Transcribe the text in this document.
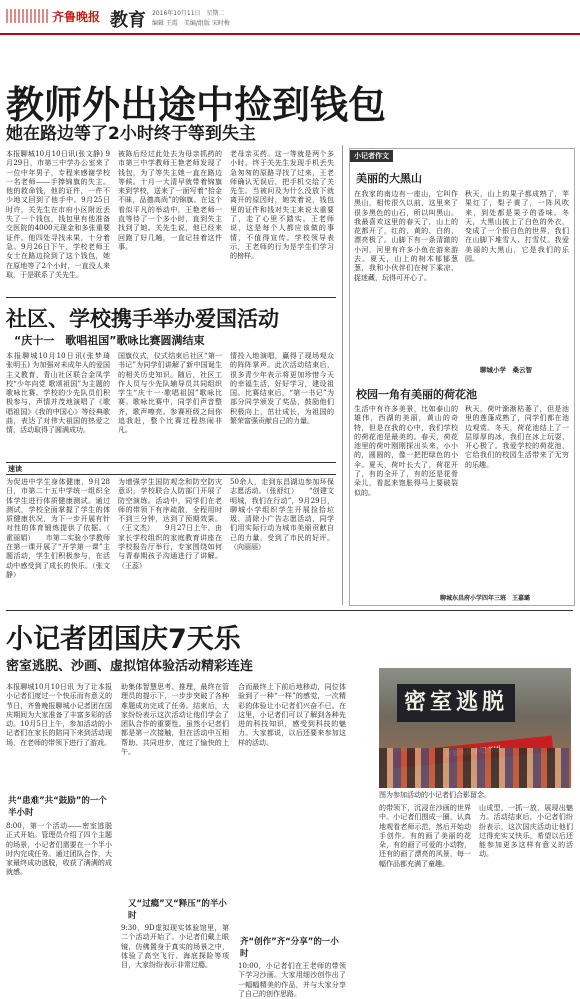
齐鲁晚报 教育 2016年10月11日　星期二
编辑 王霞　美编/组版 宋时梅
教师外出途中捡到钱包
她在路边等了2小时终于等到失主
本报聊城10月10日讯(张文静) 9月29日，市第三中学办公室来了一位中年男子，专程来感谢学校一名老师——手捧锦旗的失主。他的救命钱，他的证件，一件不少地又回到了他手中。9月25日时许，关先生在市府小区附近丢失了一个钱包，钱包里有他准备交医院的4000元现金和多张重要证件。他四处寻找未果，十分着急。9月26日下午，学校老师王女士在路边捡到了这个钱包，她在原地等了2个小时，一直没人来取，于是联系了关先生。
被陈后经过此处去为母亲抓药的市第三中学教师王艳老师发现了钱包，为了等失主她一直在路边等候。十月一大清早就带着锦旗来到学校，送来了一面写着“拾金不昧，品德高尚”的锦旗。在这个看似平凡的举动中，王艳老师一直等待了一个多小时，直到失主找到了她。关先生说，他已经来回跑了好几趟，一直记挂着这件事。
老母亲买药。这一等就是两个多小时。终于关先生发现手机丢失急匆匆的原路寻找了过来，王老师确认无误后，把手机交给了关先生。当被问及为什么没放下就离开的原因时，她笑着说，钱包里的证件和钱对失主来说太重要了，走了心里不踏实。王老师说，这是每个人都应该做的事情，不值得宣传。学校领导表示，王老师的行为是学生们学习的榜样。
社区、学校携手举办爱国活动
“庆十一　歌唱祖国”歌咏比赛圆满结束
本报聊城10月10日讯(张梦琦　张明玉) 为加强对未成年人的爱国主义教育，青山社区联合金凤学校“少年向党 歌颂祖国”为主题的歌咏比赛。学校的少先队员们积极参与，声情并茂地演唱了《歌唱祖国》《我的中国心》等经典歌曲，表达了对伟大祖国的热爱之情，活动取得了圆满成功。
国旗仪式，仪式结束后社区“第一书记”为同学们讲解了新中国诞生的相关历史知识。随后，社区工作人员与少先队辅导员共同组织学生“庆十一·歌唱祖国”歌咏比赛。歌咏比赛中，同学们声音整齐，歌声嘹亮。参赛班级之间你追我赶，整个比赛过程热闹非凡。
情投入地演唱，赢得了现场观众的阵阵掌声。此次活动结束后，很多青少年表示将更加珍惜今天的幸福生活，好好学习，建设祖国。比赛结束后，“第一书记”为部分同学颁发了奖品，鼓励他们积极向上，茁壮成长，为祖国的繁荣富强贡献自己的力量。
速读
为促进中学生身体健康，9月28日，市第二十五中学统一组织全体学生进行体质健康测试。通过测试，学校全面掌握了学生的体质健康状况，为下一步开展有针对性的体育锻炼提供了依据。（　霍丽娟）　　市第二实验小学教师在第一课开展了“开学第一课”主题活动，学生们积极参与，在活动中感受到了成长的快乐。（张文静）
为增强学生国防观念和防空防灾意识，学校联合人防部门开展了防空演练。活动中，同学们在老师的带领下有序疏散，全程用时不到三分钟，达到了预期效果。（王文杰）　　9月27日上午，由家长学校组织的家庭教育讲座在学校报告厅举行，专家围绕如何与青春期孩子沟通进行了讲解。（王蕊）
50余人，走到东昌湖边参加环保志愿活动。（张舒红）　　“创建文明城，我们在行动”，9月29日，聊城小学组织学生开展捡拾垃圾、清除小广告志愿活动，同学们用实际行动为城市美丽贡献自己的力量，受到了市民的好评。（向丽丽）
小记者作文
美丽的大黑山
在我家的南边有一座山，它叫作黑山，相传很久以前，这里来了很多黑色的山石，所以叫黑山。我最喜欢这里的春天了，山上的花都开了，红的、黄的、白的，漂亮极了。山脚下有一条清澈的小河，河里有许多小鱼在游来游去。夏天，山上的树木郁郁葱葱，我和小伙伴们在树下乘凉、捉迷藏，玩得可开心了。
秋天，山上的果子都成熟了，苹果红了，梨子黄了，一阵风吹来，到处都是果子的香味。冬天，大黑山披上了白色的外衣，变成了一个银白色的世界，我们在山脚下堆雪人、打雪仗。我爱美丽的大黑山，它是我们的乐园。
聊城小学　桑云智
校园一角有美丽的荷花池
生活中有许多美景，比如泰山的雄伟，西湖的美丽，黄山的奇特，但是在我的心中，我们学校的荷花池是最美的。春天，荷花池里的荷叶刚刚探出头来，小小的，圆圆的，像一把把绿色的小伞。夏天，荷叶长大了，荷花开了，有的全开了，有的还是花骨朵儿，看起来饱胀得马上要破裂似的。
秋天，荷叶渐渐枯萎了，但是池里的莲蓬成熟了，同学们都在池边观赏。冬天，荷花池结上了一层厚厚的冰，我们在冰上玩耍，开心极了。我爱学校的荷花池，它给我们的校园生活带来了无穷的乐趣。
聊城东昌府小学四年三班　王嘉璐
小记者团国庆7天乐
密室逃脱、沙画、虚拟馆体验活动精彩连连
本报聊城10月10日讯 为了让本报小记者们度过一个快乐而有意义的节日，齐鲁晚报聊城小记者团在国庆期间为大家准备了丰富多彩的活动。10月5日上午，参加活动的小记者们在家长的陪同下来到活动现场，在老师的带领下进行了游戏。
共“患难”共“鼓励”的一个半小时
8:00，第一个活动——密室逃脱正式开始。管理员介绍了四个主题的场景，小记者们需要在一个半小时内完成任务。通过团队合作，大家最终成功逃脱，收获了满满的成就感。
助集体智慧思考、推理，最终在管理员的提示下，一步步突破了各种难题成功完成了任务。结束后，大家纷纷表示这次活动让他们学会了团队合作的重要性。虽然小记者们都是第一次接触，但在活动中互相帮助、共同进步，度过了愉快的上午。
又“过瘾”又“释压”的半小时
9:30，9D虚拟现实体验馆里，第二个活动开始了。小记者们戴上眼镜，仿佛置身于真实的场景之中，体验了高空飞行、海底探险等项目，大家纷纷表示非常过瘾。
合而最终上下前后地移动，同位体验到了一种“一样”的感觉，一次精彩的体验让小记者们兴奋不已。在这里，小记者们可以了解到各种先进的科技知识，感受到科技的魅力。大家都说，以后还要来参加这样的活动。
齐“创作”齐“分享”的一小时
10:00，小记者们在王老师的带领下学习沙画。大家用细沙创作出了一幅幅精美的作品，并与大家分享了自己的创作思路。
密室逃脱
图为参加活动的小记者们合影留念。
的带领下，沉浸在沙画的世界中。小记者们围成一圈，认真地观看老师示范，然后开始动手创作。有的画了美丽的花朵，有的画了可爱的小动物，还有的画了漂亮的风景，每一幅作品都充满了童趣。
山成型，一抓一放，展现出魅力。活动结束后，小记者们纷纷表示，这次国庆活动让他们过得充实又快乐，希望以后还能参加更多这样有意义的活动。
